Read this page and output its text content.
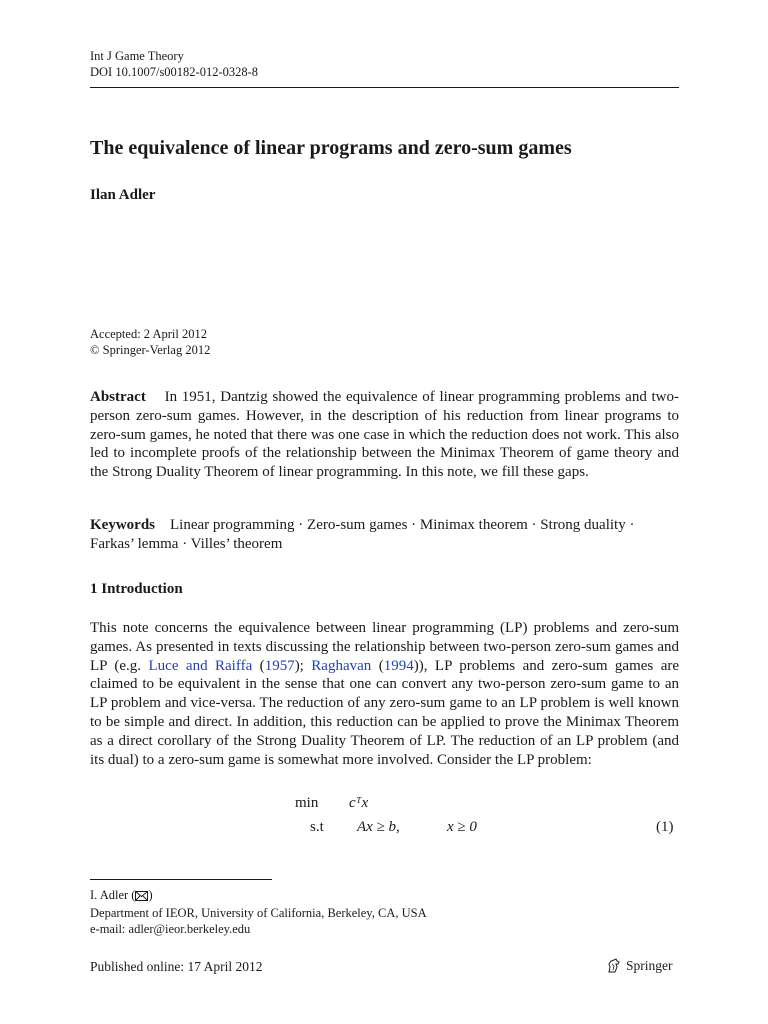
Int J Game Theory
DOI 10.1007/s00182-012-0328-8
The equivalence of linear programs and zero-sum games
Ilan Adler
Accepted: 2 April 2012
© Springer-Verlag 2012
Abstract In 1951, Dantzig showed the equivalence of linear programming problems and two-person zero-sum games. However, in the description of his reduction from linear programs to zero-sum games, he noted that there was one case in which the reduction does not work. This also led to incomplete proofs of the relationship between the Minimax Theorem of game theory and the Strong Duality Theorem of linear programming. In this note, we fill these gaps.
Keywords Linear programming · Zero-sum games · Minimax theorem · Strong duality · Farkas’ lemma · Villes’ theorem
1 Introduction
This note concerns the equivalence between linear programming (LP) problems and zero-sum games. As presented in texts discussing the relationship between two-person zero-sum games and LP (e.g. Luce and Raiffa (1957); Raghavan (1994)), LP problems and zero-sum games are claimed to be equivalent in the sense that one can convert any two-person zero-sum game to an LP problem and vice-versa. The reduction of any zero-sum game to an LP problem is well known to be simple and direct. In addition, this reduction can be applied to prove the Minimax Theorem as a direct corollary of the Strong Duality Theorem of LP. The reduction of an LP problem (and its dual) to a zero-sum game is somewhat more involved. Consider the LP problem:
min cᵀx
s.t Ax ≥ b,	x ≥ 0	(1)
I. Adler ( )
Department of IEOR, University of California, Berkeley, CA, USA
e-mail: adler@ieor.berkeley.edu
Published online: 17 April 2012	Springer
